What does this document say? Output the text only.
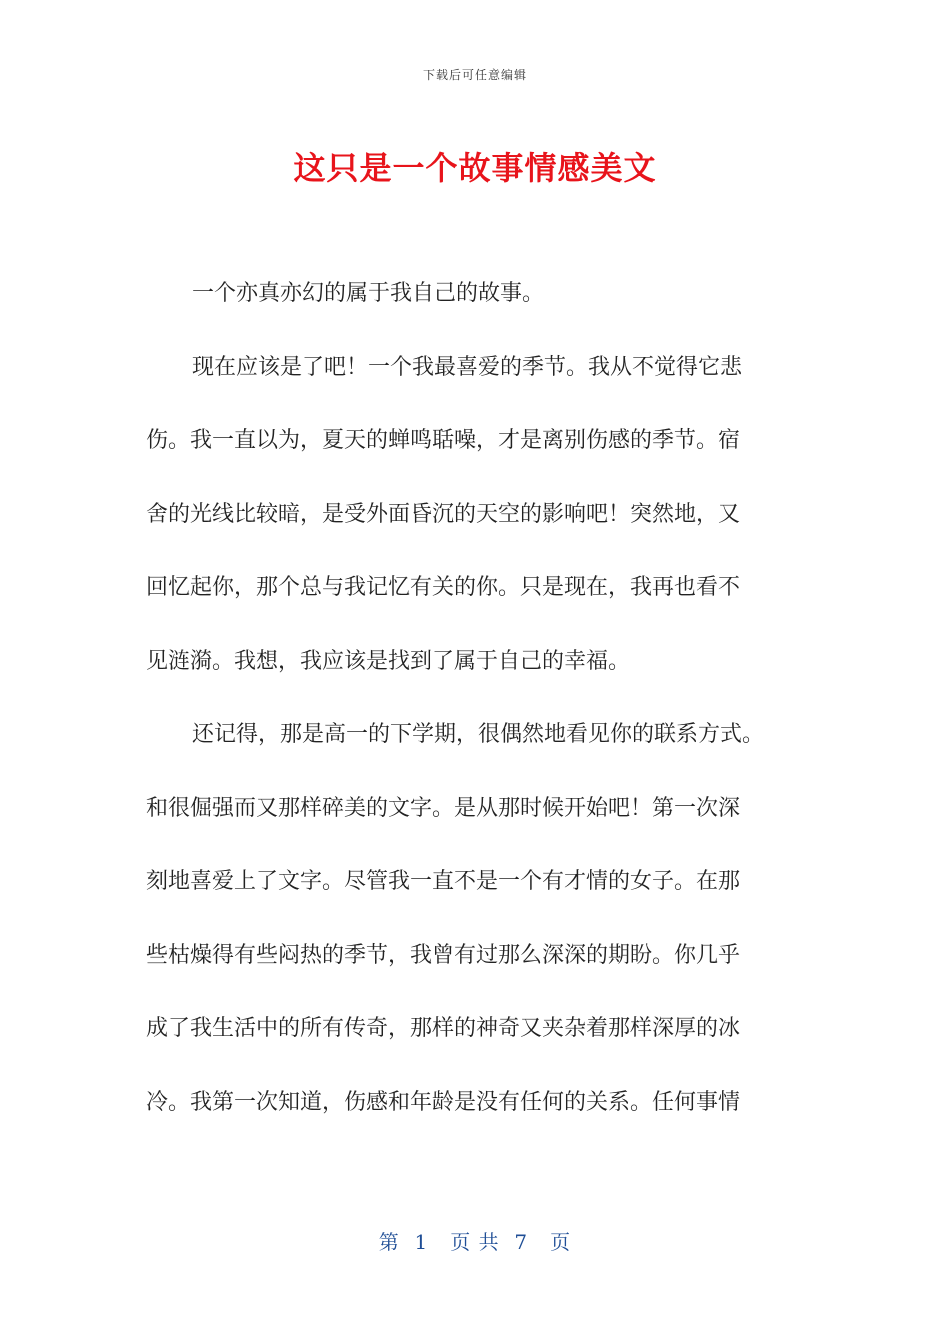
下载后可任意编辑
这只是一个故事情感美文

一个亦真亦幻的属于我自己的故事。

现在应该是了吧！一个我最喜爱的季节。我从不觉得它悲
伤。我一直以为，夏天的蝉鸣聒噪，才是离别伤感的季节。宿
舍的光线比较暗，是受外面昏沉的天空的影响吧！突然地，又
回忆起你，那个总与我记忆有关的你。只是现在，我再也看不
见涟漪。我想，我应该是找到了属于自己的幸福。

还记得，那是高一的下学期，很偶然地看见你的联系方式。
和很倔强而又那样碎美的文字。是从那时候开始吧！第一次深
刻地喜爱上了文字。尽管我一直不是一个有才情的女子。在那
些枯燥得有些闷热的季节，我曾有过那么深深的期盼。你几乎
成了我生活中的所有传奇，那样的神奇又夹杂着那样深厚的冰
冷。我第一次知道，伤感和年龄是没有任何的关系。任何事情

第  1   页 共  7   页
